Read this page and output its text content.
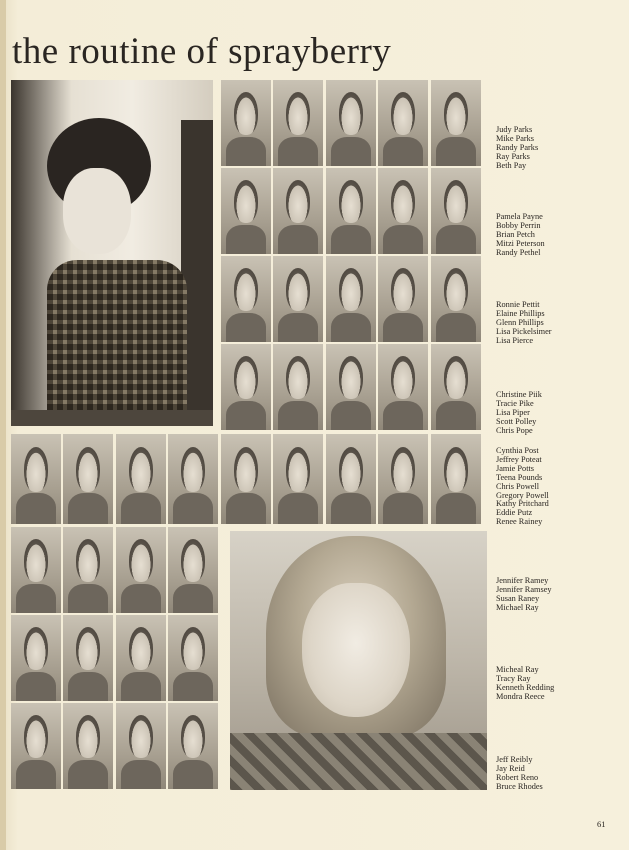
the routine of sprayberry
Judy Parks
Mike Parks
Randy Parks
Ray Parks
Beth Pay
Pamela Payne
Bobby Perrin
Brian Petch
Mitzi Peterson
Randy Pethel
Ronnie Pettit
Elaine Phillips
Glenn Phillips
Lisa Pickelsimer
Lisa Pierce
Christine Piik
Tracie Pike
Lisa Piper
Scott Polley
Chris Pope
Cynthia Post
Jeffrey Poteat
Jamie Potts
Teena Pounds
Chris Powell
Gregory Powell
Kathy Pritchard
Eddie Putz
Renee Rainey
Jennifer Ramey
Jennifer Ramsey
Susan Raney
Michael Ray
Micheal Ray
Tracy Ray
Kenneth Redding
Mondra Reece
Jeff Reibly
Jay Reid
Robert Reno
Bruce Rhodes
61
